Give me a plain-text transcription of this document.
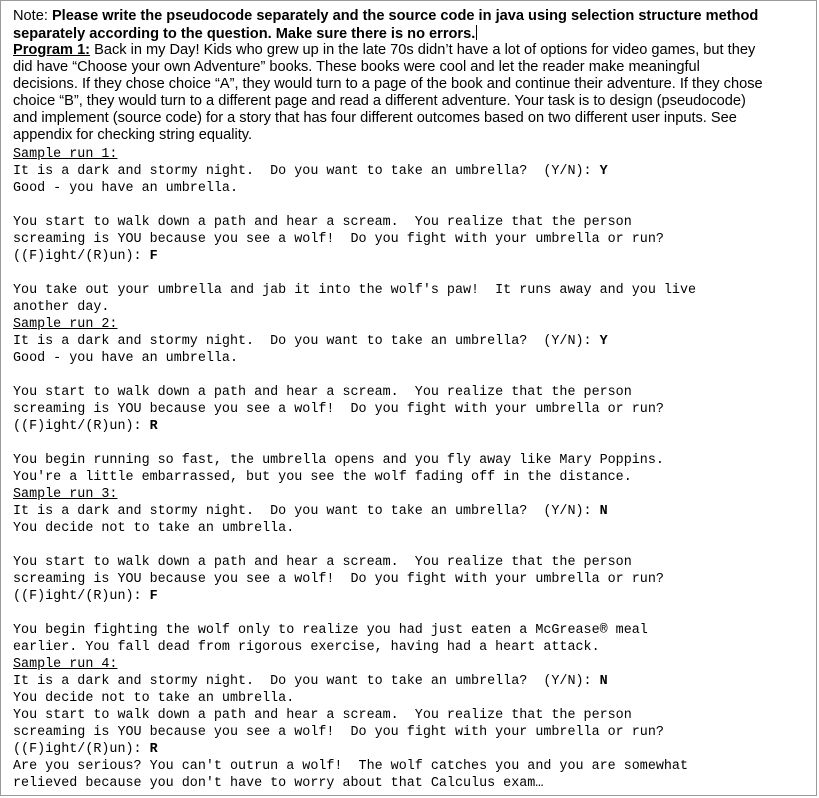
Note: Please write the pseudocode separately and the source code in java using selection structure method
separately according to the question. Make sure there is no errors.
Program 1: Back in my Day! Kids who grew up in the late 70s didn’t have a lot of options for video games, but they
did have “Choose your own Adventure” books. These books were cool and let the reader make meaningful
decisions. If they chose choice “A”, they would turn to a page of the book and continue their adventure. If they chose
choice “B”, they would turn to a different page and read a different adventure. Your task is to design (pseudocode)
and implement (source code) for a story that has four different outcomes based on two different user inputs. See
appendix for checking string equality.
Sample run 1:
It is a dark and stormy night.  Do you want to take an umbrella?  (Y/N): Y
Good - you have an umbrella.
You start to walk down a path and hear a scream.  You realize that the person
screaming is YOU because you see a wolf!  Do you fight with your umbrella or run?
((F)ight/(R)un): F
You take out your umbrella and jab it into the wolf's paw!  It runs away and you live
another day.
Sample run 2:
It is a dark and stormy night.  Do you want to take an umbrella?  (Y/N): Y
Good - you have an umbrella.
You start to walk down a path and hear a scream.  You realize that the person
screaming is YOU because you see a wolf!  Do you fight with your umbrella or run?
((F)ight/(R)un): R
You begin running so fast, the umbrella opens and you fly away like Mary Poppins.
You're a little embarrassed, but you see the wolf fading off in the distance.
Sample run 3:
It is a dark and stormy night.  Do you want to take an umbrella?  (Y/N): N
You decide not to take an umbrella.
You start to walk down a path and hear a scream.  You realize that the person
screaming is YOU because you see a wolf!  Do you fight with your umbrella or run?
((F)ight/(R)un): F
You begin fighting the wolf only to realize you had just eaten a McGrease® meal
earlier. You fall dead from rigorous exercise, having had a heart attack.
Sample run 4:
It is a dark and stormy night.  Do you want to take an umbrella?  (Y/N): N
You decide not to take an umbrella.
You start to walk down a path and hear a scream.  You realize that the person
screaming is YOU because you see a wolf!  Do you fight with your umbrella or run?
((F)ight/(R)un): R
Are you serious? You can't outrun a wolf!  The wolf catches you and you are somewhat
relieved because you don't have to worry about that Calculus exam…
